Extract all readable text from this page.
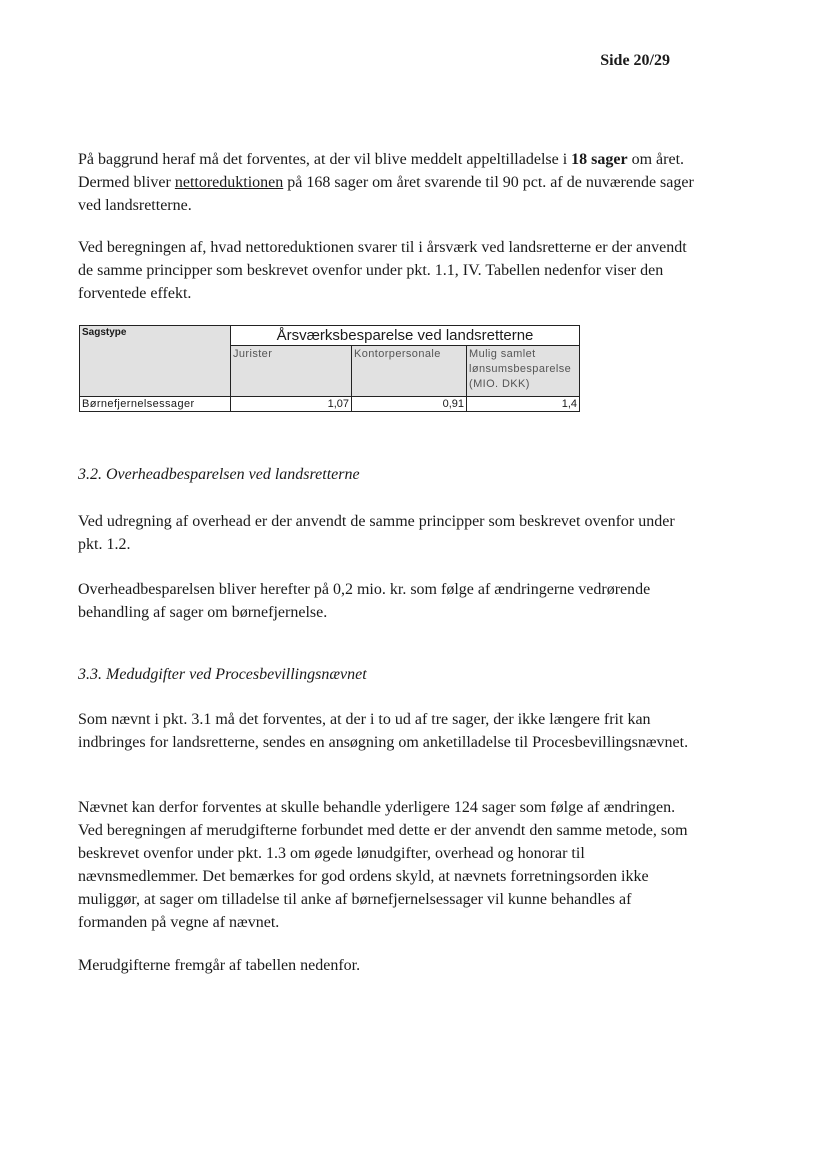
Side 20/29

På baggrund heraf må det forventes, at der vil blive meddelt appeltilladelse i 18 sager om året. Dermed bliver nettoreduktionen på 168 sager om året svarende til 90 pct. af de nuværende sager ved landsretterne.

Ved beregningen af, hvad nettoreduktionen svarer til i årsværk ved landsretterne er der anvendt de samme principper som beskrevet ovenfor under pkt. 1.1, IV. Tabellen nedenfor viser den forventede effekt.

Sagstype	Årsværksbesparelse ved landsretterne		
	Jurister	Kontorpersonale	Mulig samlet lønsumsbesparelse (MIO. DKK)
Børnefjernelsessager	1,07	0,91	1,4

3.2. Overheadbesparelsen ved landsretterne

Ved udregning af overhead er der anvendt de samme principper som beskrevet ovenfor under pkt. 1.2.

Overheadbesparelsen bliver herefter på 0,2 mio. kr. som følge af ændringerne vedrørende behandling af sager om børnefjernelse.

3.3. Medudgifter ved Procesbevillingsnævnet

Som nævnt i pkt. 3.1 må det forventes, at der i to ud af tre sager, der ikke længere frit kan indbringes for landsretterne, sendes en ansøgning om anketilladelse til Procesbevillingsnævnet.

Nævnet kan derfor forventes at skulle behandle yderligere 124 sager som følge af ændringen. Ved beregningen af merudgifterne forbundet med dette er der anvendt den samme metode, som beskrevet ovenfor under pkt. 1.3 om øgede lønudgifter, overhead og honorar til nævnsmedlemmer. Det bemærkes for god ordens skyld, at nævnets forretningsorden ikke muliggør, at sager om tilladelse til anke af børnefjernelsessager vil kunne behandles af formanden på vegne af nævnet.

Merudgifterne fremgår af tabellen nedenfor.
